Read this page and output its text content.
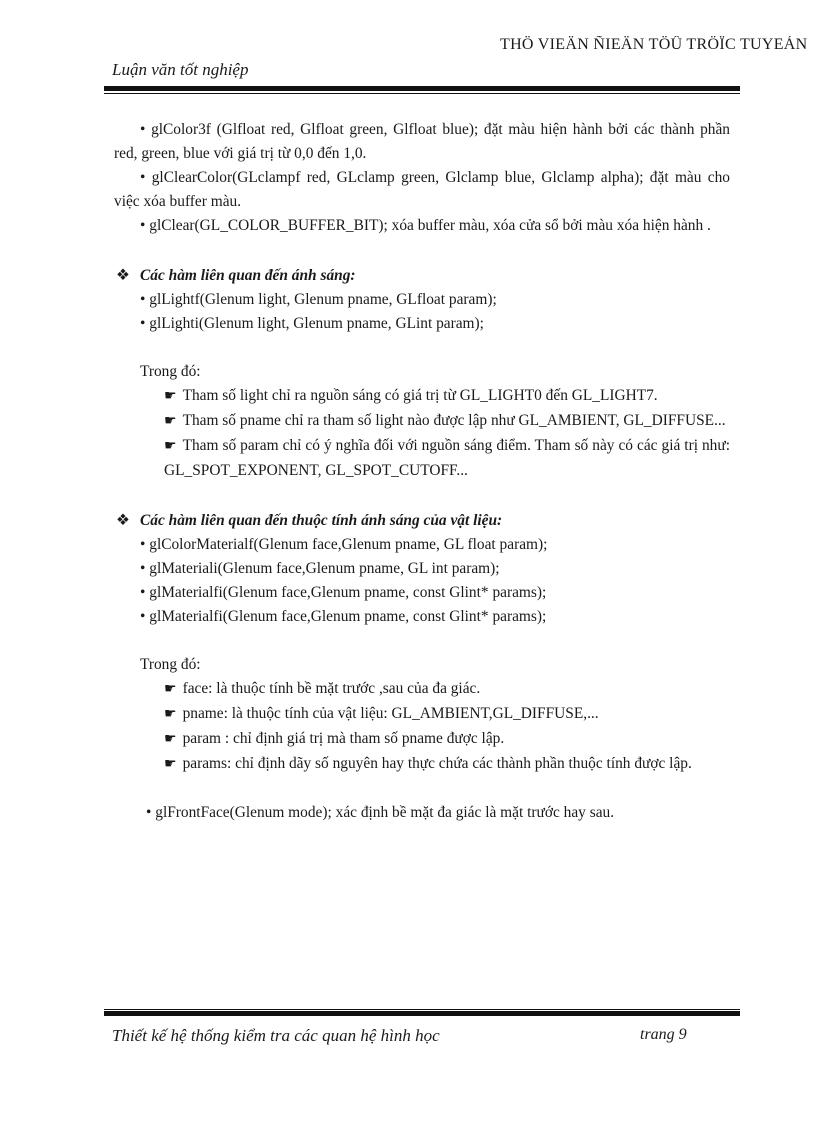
THÖ VIEÄN ÑIEÄN TÖÛ TRÖÏC TUYEÁN
Luận văn tốt nghiệp

• glColor3f (Glfloat red, Glfloat green, Glfloat blue); đặt màu hiện hành bởi các thành phần red, green, blue với giá trị từ 0,0 đến 1,0.

• glClearColor(GLclampf red, GLclamp green, Glclamp blue, Glclamp alpha); đặt màu cho việc xóa buffer màu.

• glClear(GL_COLOR_BUFFER_BIT); xóa buffer màu, xóa cửa sổ bởi màu xóa hiện hành .

❖ Các hàm liên quan đến ánh sáng:

• glLightf(Glenum light, Glenum pname, GLfloat param);

• glLighti(Glenum light, Glenum pname, GLint param);

Trong đó:

☛ Tham số light chỉ ra nguồn sáng có giá trị từ GL_LIGHT0 đến GL_LIGHT7.

☛ Tham số pname chỉ ra tham số light nào được lập như GL_AMBIENT, GL_DIFFUSE...

☛ Tham số param chỉ có ý nghĩa đối với nguồn sáng điểm. Tham số này có các giá trị như: GL_SPOT_EXPONENT, GL_SPOT_CUTOFF...

❖ Các hàm liên quan đến thuộc tính ánh sáng của vật liệu:

• glColorMaterialf(Glenum face,Glenum pname, GL float param);

• glMateriali(Glenum face,Glenum pname, GL int param);

• glMaterialfi(Glenum face,Glenum pname, const Glint* params);

• glMaterialfi(Glenum face,Glenum pname, const Glint* params);

Trong đó:

☛ face: là thuộc tính bề mặt trước ,sau của đa giác.

☛ pname: là thuộc tính của vật liệu: GL_AMBIENT,GL_DIFFUSE,...

☛ param : chỉ định giá trị mà tham số pname được lập.

☛ params: chỉ định dãy số nguyên hay thực chứa các thành phần thuộc tính được lập.

• glFrontFace(Glenum mode); xác định bề mặt đa giác là mặt trước hay sau.

Thiết kế hệ thống kiểm tra các quan hệ hình học	trang 9
